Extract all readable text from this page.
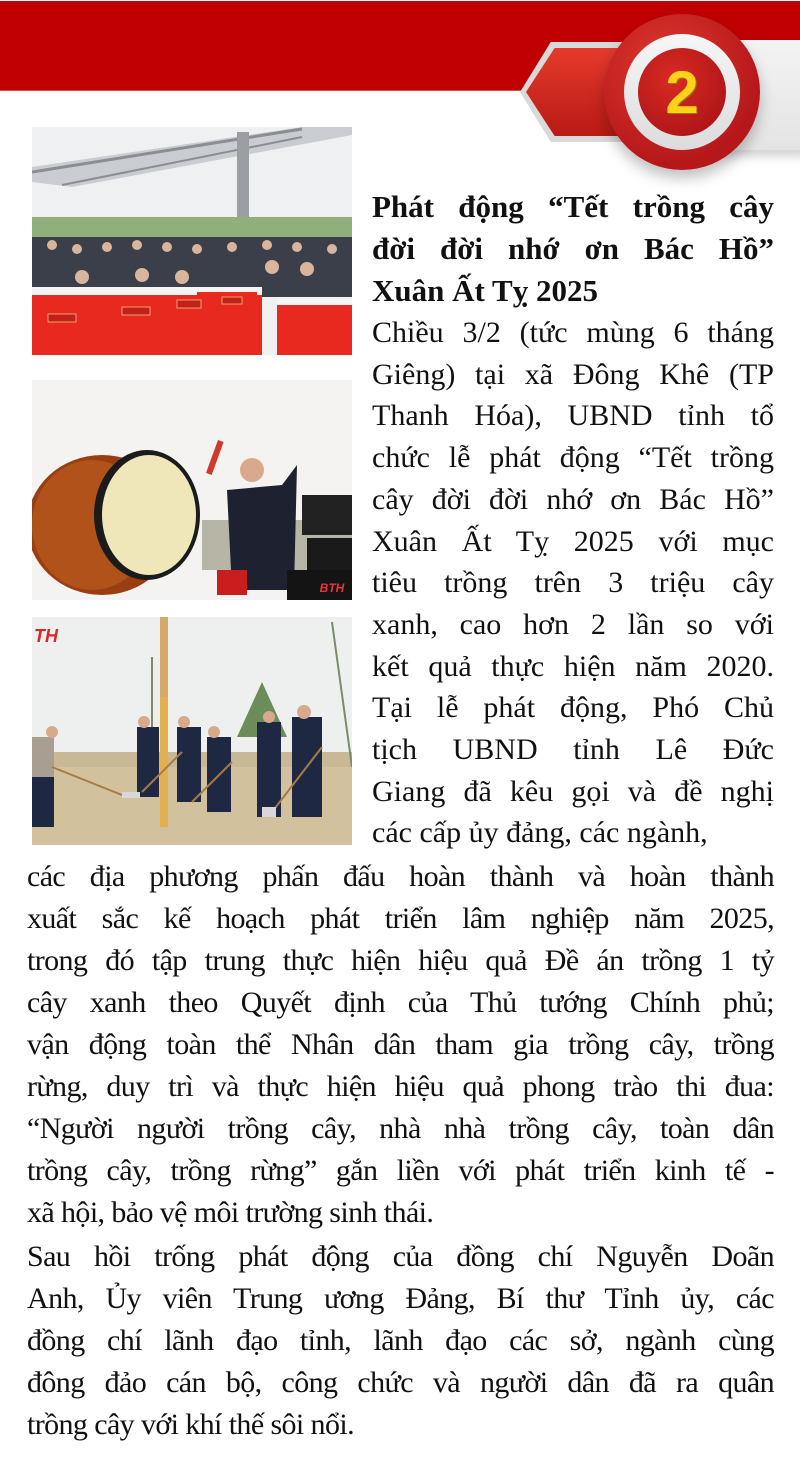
2
BTH
TH
Phát động “Tết trồng cây
đời đời nhớ ơn Bác Hồ”
Xuân Ất Tỵ 2025

Chiều 3/2 (tức mùng 6 tháng
Giêng) tại xã Đông Khê (TP
Thanh Hóa), UBND tỉnh tổ
chức lễ phát động “Tết trồng
cây đời đời nhớ ơn Bác Hồ”
Xuân Ất Tỵ 2025 với mục
tiêu trồng trên 3 triệu cây
xanh, cao hơn 2 lần so với
kết quả thực hiện năm 2020.
Tại lễ phát động, Phó Chủ
tịch UBND tỉnh Lê Đức
Giang đã kêu gọi và đề nghị
các cấp ủy đảng, các ngành,

các địa phương phấn đấu hoàn thành và hoàn thành
xuất sắc kế hoạch phát triển lâm nghiệp năm 2025,
trong đó tập trung thực hiện hiệu quả Đề án trồng 1 tỷ
cây xanh theo Quyết định của Thủ tướng Chính phủ;
vận động toàn thể Nhân dân tham gia trồng cây, trồng
rừng, duy trì và thực hiện hiệu quả phong trào thi đua:
“Người người trồng cây, nhà nhà trồng cây, toàn dân
trồng cây, trồng rừng” gắn liền với phát triển kinh tế -
xã hội, bảo vệ môi trường sinh thái.

Sau hồi trống phát động của đồng chí Nguyễn Doãn
Anh, Ủy viên Trung ương Đảng, Bí thư Tỉnh ủy, các
đồng chí lãnh đạo tỉnh, lãnh đạo các sở, ngành cùng
đông đảo cán bộ, công chức và người dân đã ra quân
trồng cây với khí thế sôi nổi.
